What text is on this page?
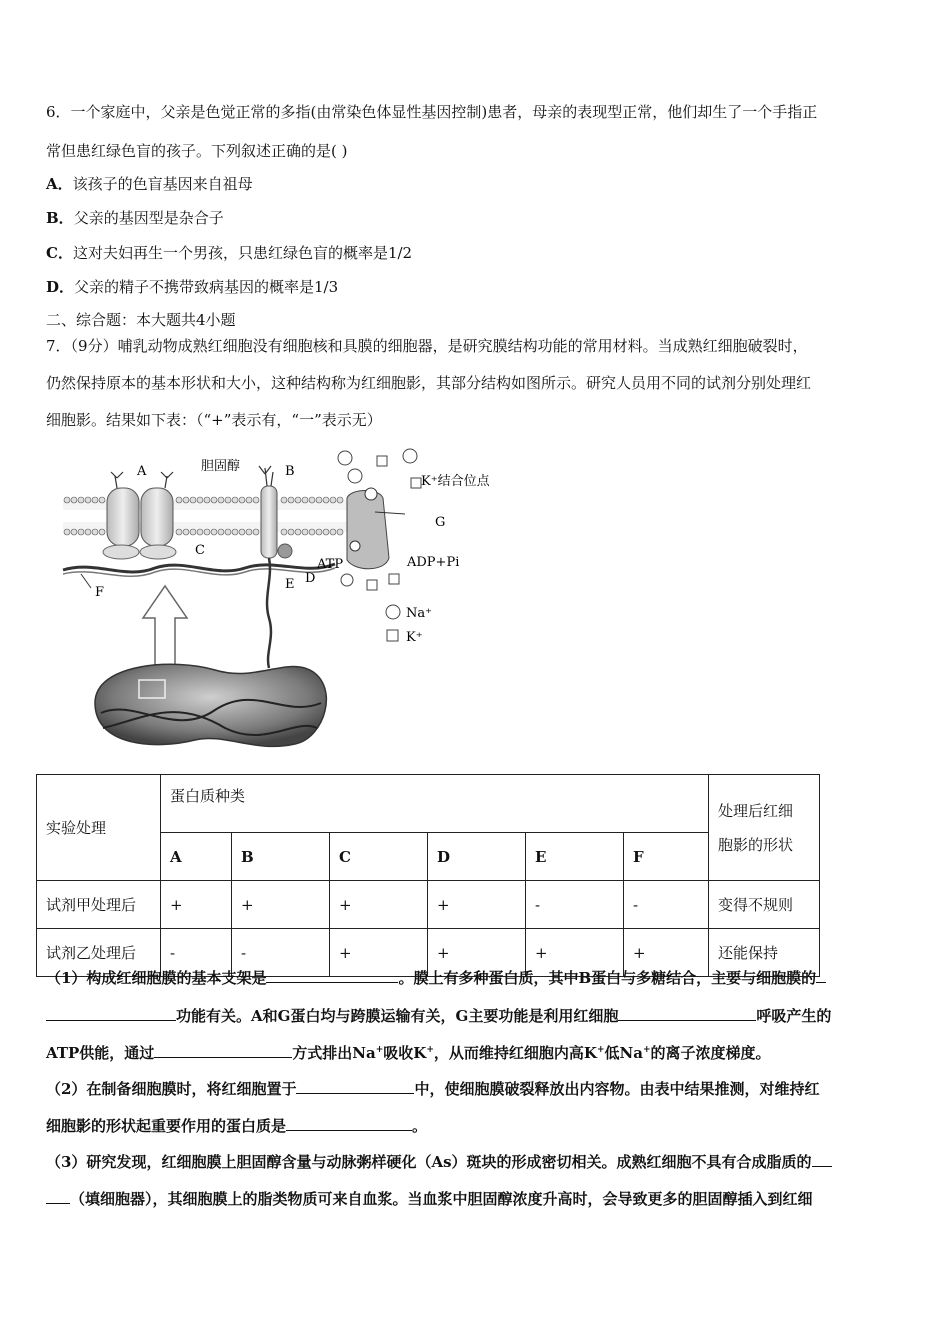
6．一个家庭中，父亲是色觉正常的多指(由常染色体显性基因控制)患者，母亲的表现型正常，他们却生了一个手指正
常但患红绿色盲的孩子。下列叙述正确的是( )
A．该孩子的色盲基因来自祖母
B．父亲的基因型是杂合子
C．这对夫妇再生一个男孩，只患红绿色盲的概率是1/2
D．父亲的精子不携带致病基因的概率是1/3
二、综合题：本大题共4小题
7．（9分）哺乳动物成熟红细胞没有细胞核和具膜的细胞器，是研究膜结构功能的常用材料。当成熟红细胞破裂时，
仍然保持原本的基本形状和大小，这种结构称为红细胞影，其部分结构如图所示。研究人员用不同的试剂分别处理红
细胞影。结果如下表：（“+”表示有，“一”表示无）
A	胆固醇	B
K⁺结合位点
G
C
ATP	ADP+Pi
E D
F
Na⁺
K⁺
实验处理	蛋白质种类						处理后红细
胞影的形状
	A	B	C	D	E	F	
试剂甲处理后	+	+	+	+	-	-	变得不规则
试剂乙处理后	-	-	+	+	+	+	还能保持
（1）构成红细胞膜的基本支架是	。膜上有多种蛋白质，其中B蛋白与多糖结合，主要与细胞膜的
功能有关。A和G蛋白均与跨膜运输有关，G主要功能是利用红细胞	呼吸产生的
ATP供能，通过	方式排出Na+吸收K+，从而维持红细胞内高K+低Na+的离子浓度梯度。
（2）在制备细胞膜时，将红细胞置于	中，使细胞膜破裂释放出内容物。由表中结果推测，对维持红
细胞影的形状起重要作用的蛋白质是	。
（3）研究发现，红细胞膜上胆固醇含量与动脉粥样硬化（As）斑块的形成密切相关。成熟红细胞不具有合成脂质的
（填细胞器），其细胞膜上的脂类物质可来自血浆。当血浆中胆固醇浓度升高时，会导致更多的胆固醇插入到红细
